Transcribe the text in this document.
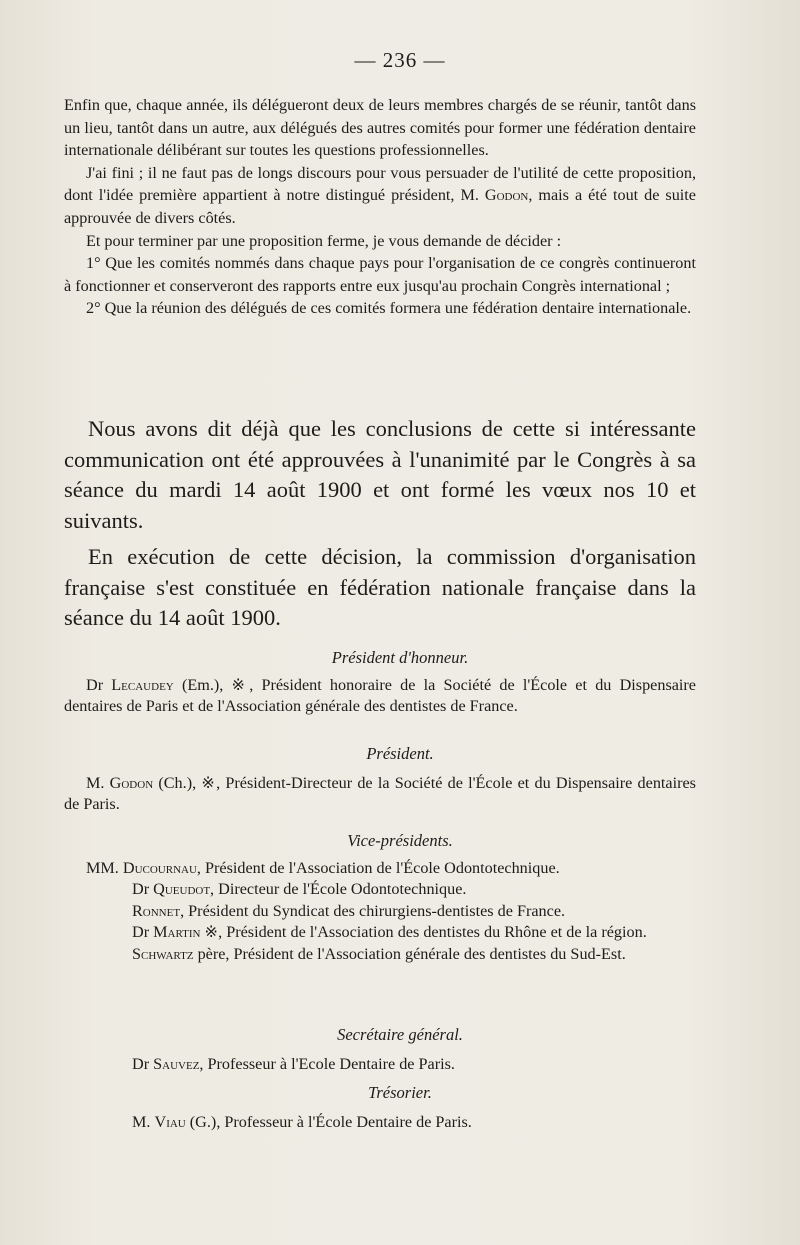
— 236 —

Enfin que, chaque année, ils délégueront deux de leurs membres chargés de se réunir, tantôt dans un lieu, tantôt dans un autre, aux délégués des autres comités pour former une fédération dentaire internationale délibérant sur toutes les questions professionnelles.

J'ai fini ; il ne faut pas de longs discours pour vous persuader de l'utilité de cette proposition, dont l'idée première appartient à notre distingué président, M. Godon, mais a été tout de suite approuvée de divers côtés.

Et pour terminer par une proposition ferme, je vous demande de décider :

1° Que les comités nommés dans chaque pays pour l'organisation de ce congrès continueront à fonctionner et conserveront des rapports entre eux jusqu'au prochain Congrès international ;

2° Que la réunion des délégués de ces comités formera une fédération dentaire internationale.

Nous avons dit déjà que les conclusions de cette si intéressante communication ont été approuvées à l'unanimité par le Congrès à sa séance du mardi 14 août 1900 et ont formé les vœux nos 10 et suivants.

En exécution de cette décision, la commission d'organisation française s'est constituée en fédération nationale française dans la séance du 14 août 1900.

Président d'honneur.

Dr Lecaudey (Em.), ※, Président honoraire de la Société de l'École et du Dispensaire dentaires de Paris et de l'Association générale des dentistes de France.

Président.

M. Godon (Ch.), ※, Président-Directeur de la Société de l'École et du Dispensaire dentaires de Paris.

Vice-présidents.

MM. Ducournau, Président de l'Association de l'École Odontotechnique.

Dr Queudot, Directeur de l'École Odontotechnique.

Ronnet, Président du Syndicat des chirurgiens-dentistes de France.

Dr Martin ※, Président de l'Association des dentistes du Rhône et de la région.

Schwartz père, Président de l'Association générale des dentistes du Sud-Est.

Secrétaire général.

Dr Sauvez, Professeur à l'Ecole Dentaire de Paris.

Trésorier.

M. Viau (G.), Professeur à l'École Dentaire de Paris.
